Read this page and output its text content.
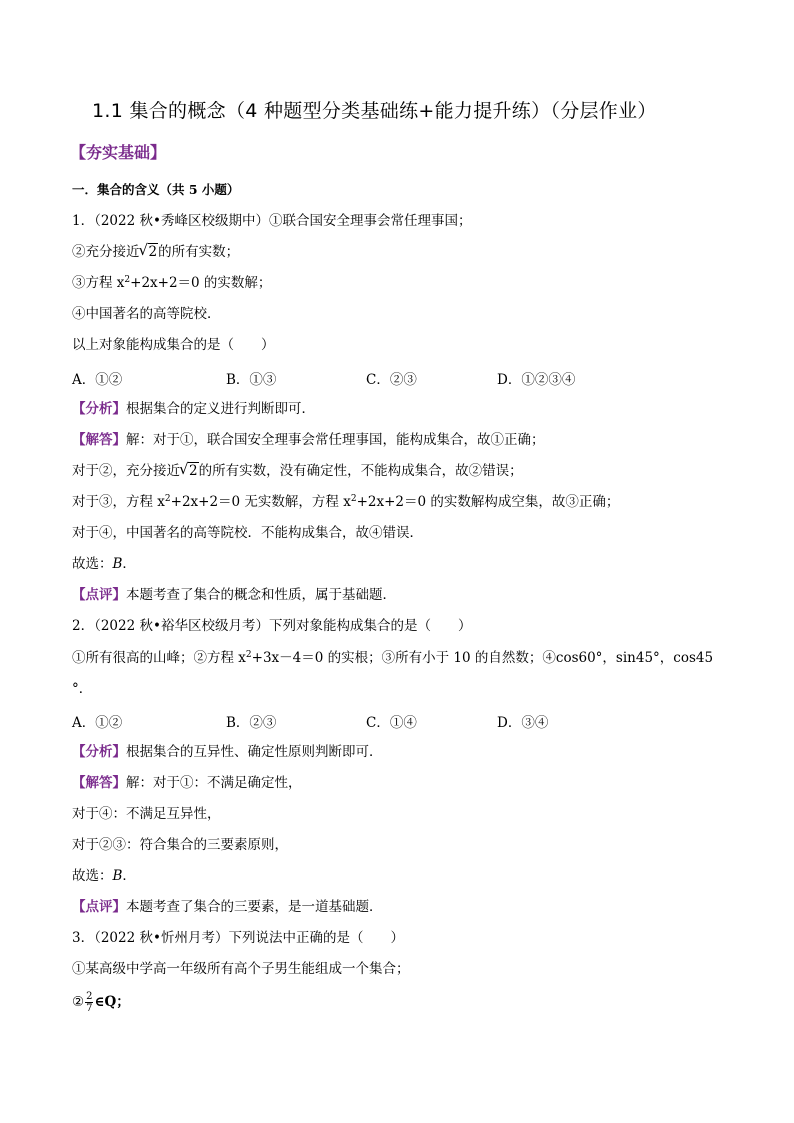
1.1 集合的概念（4 种题型分类基础练+能力提升练）（分层作业）
【夯实基础】
一．集合的含义（共 5 小题）
1．（2022 秋•秀峰区校级期中）①联合国安全理事会常任理事国；
②充分接近 √ 2的所有实数；
③方程 $x^2+2x+2=0$ 的实数解；
④中国著名的高等院校．
以上对象能构成集合的是（　　）
A．①②	B．①③	C．②③	D．①②③④
【分析】根据集合的定义进行判断即可．
【解答】解：对于①，联合国安全理事会常任理事国，能构成集合，故①正确；
对于②，充分接近 √ 2的所有实数，没有确定性，不能构成集合，故②错误；
对于③，方程 $x^2+2x+2=0$ 无实数解，方程 $x^2+2x+2=0$ 的实数解构成空集，故③正确；
对于④，中国著名的高等院校．不能构成集合，故④错误．
故选：B．
【点评】本题考查了集合的概念和性质，属于基础题．
2．（2022 秋•裕华区校级月考）下列对象能构成集合的是（　　）
①所有很高的山峰；②方程 $x^2+3x-4=0$ 的实根；③所有小于 10 的自然数；④cos60°，sin45°，cos45
°．
A．①②	B．②③	C．①④	D．③④
【分析】根据集合的互异性、确定性原则判断即可．
【解答】解：对于①：不满足确定性，
对于④：不满足互异性，
对于②③：符合集合的三要素原则，
故选：B．
【点评】本题考查了集合的三要素，是一道基础题．
3．（2022 秋•忻州月考）下列说法中正确的是（　　）
①某高级中学高一年级所有高个子男生能组成一个集合；
② $\frac{2}{7}$ ∈Q；
